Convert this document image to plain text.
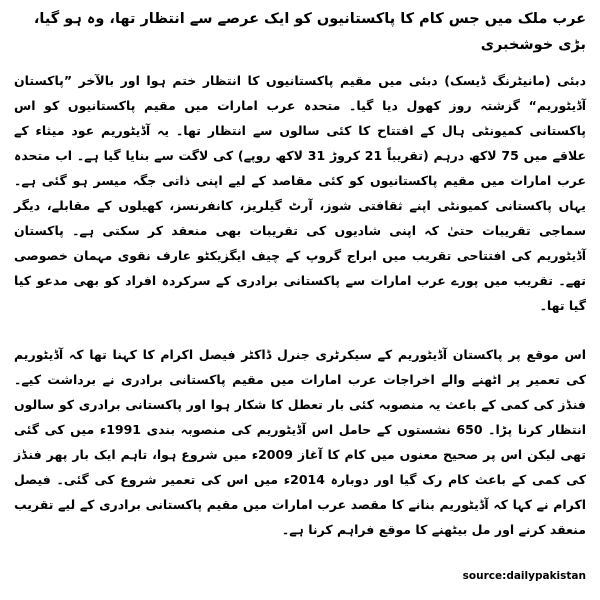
عرب ملک میں جس کام کا پاکستانیوں کو ایک عرصے سے انتظار تھا، وہ ہو گیا، بڑی خوشخبری

دبئی (مانیٹرنگ ڈیسک) دبئی میں مقیم پاکستانیوں کا انتظار ختم ہوا اور بالآخر ”پاکستان آڈیٹوریم“ گزشتہ روز کھول دیا گیا۔ متحدہ عرب امارات میں مقیم پاکستانیوں کو اس پاکستانی کمیونٹی ہال کے افتتاح کا کئی سالوں سے انتظار تھا۔ یہ آڈیٹوریم عود میثاء کے علاقے میں 75 لاکھ درہم (تقریباً 21 کروڑ 31 لاکھ روپے) کی لاگت سے بنایا گیا ہے۔ اب متحدہ عرب امارات میں مقیم پاکستانیوں کو کئی مقاصد کے لیے اپنی ذاتی جگہ میسر ہو گئی ہے۔ یہاں پاکستانی کمیونٹی اپنے ثقافتی شوز، آرٹ گیلریز، کانفرنسز، کھیلوں کے مقابلے، دیگر سماجی تقریبات حتیٰ کہ اپنی شادیوں کی تقریبات بھی منعقد کر سکتی ہے۔ پاکستان آڈیٹوریم کی افتتاحی تقریب میں ابراج گروپ کے چیف ایگزیکٹو عارف نقوی مہمان خصوصی تھے۔ تقریب میں پورے عرب امارات سے پاکستانی برادری کے سرکردہ افراد کو بھی مدعو کیا گیا تھا۔

اس موقع پر پاکستان آڈیٹوریم کے سیکرٹری جنرل ڈاکٹر فیصل اکرام کا کہنا تھا کہ آڈیٹوریم کی تعمیر پر اٹھنے والے اخراجات عرب امارات میں مقیم پاکستانی برادری نے برداشت کیے۔ فنڈز کی کمی کے باعث یہ منصوبہ کئی بار تعطل کا شکار ہوا اور پاکستانی برادری کو سالوں انتظار کرنا پڑا۔ 650 نشستوں کے حامل اس آڈیٹوریم کی منصوبہ بندی 1991ء میں کی گئی تھی لیکن اس پر صحیح معنوں میں کام کا آغاز 2009ء میں شروع ہوا، تاہم ایک بار پھر فنڈز کی کمی کے باعث کام رک گیا اور دوبارہ 2014ء میں اس کی تعمیر شروع کی گئی۔ فیصل اکرام نے کہا کہ آڈیٹوریم بنانے کا مقصد عرب امارات میں مقیم پاکستانی برادری کے لیے تقریب منعقد کرنے اور مل بیٹھنے کا موقع فراہم کرنا ہے۔

source:dailypakistan
